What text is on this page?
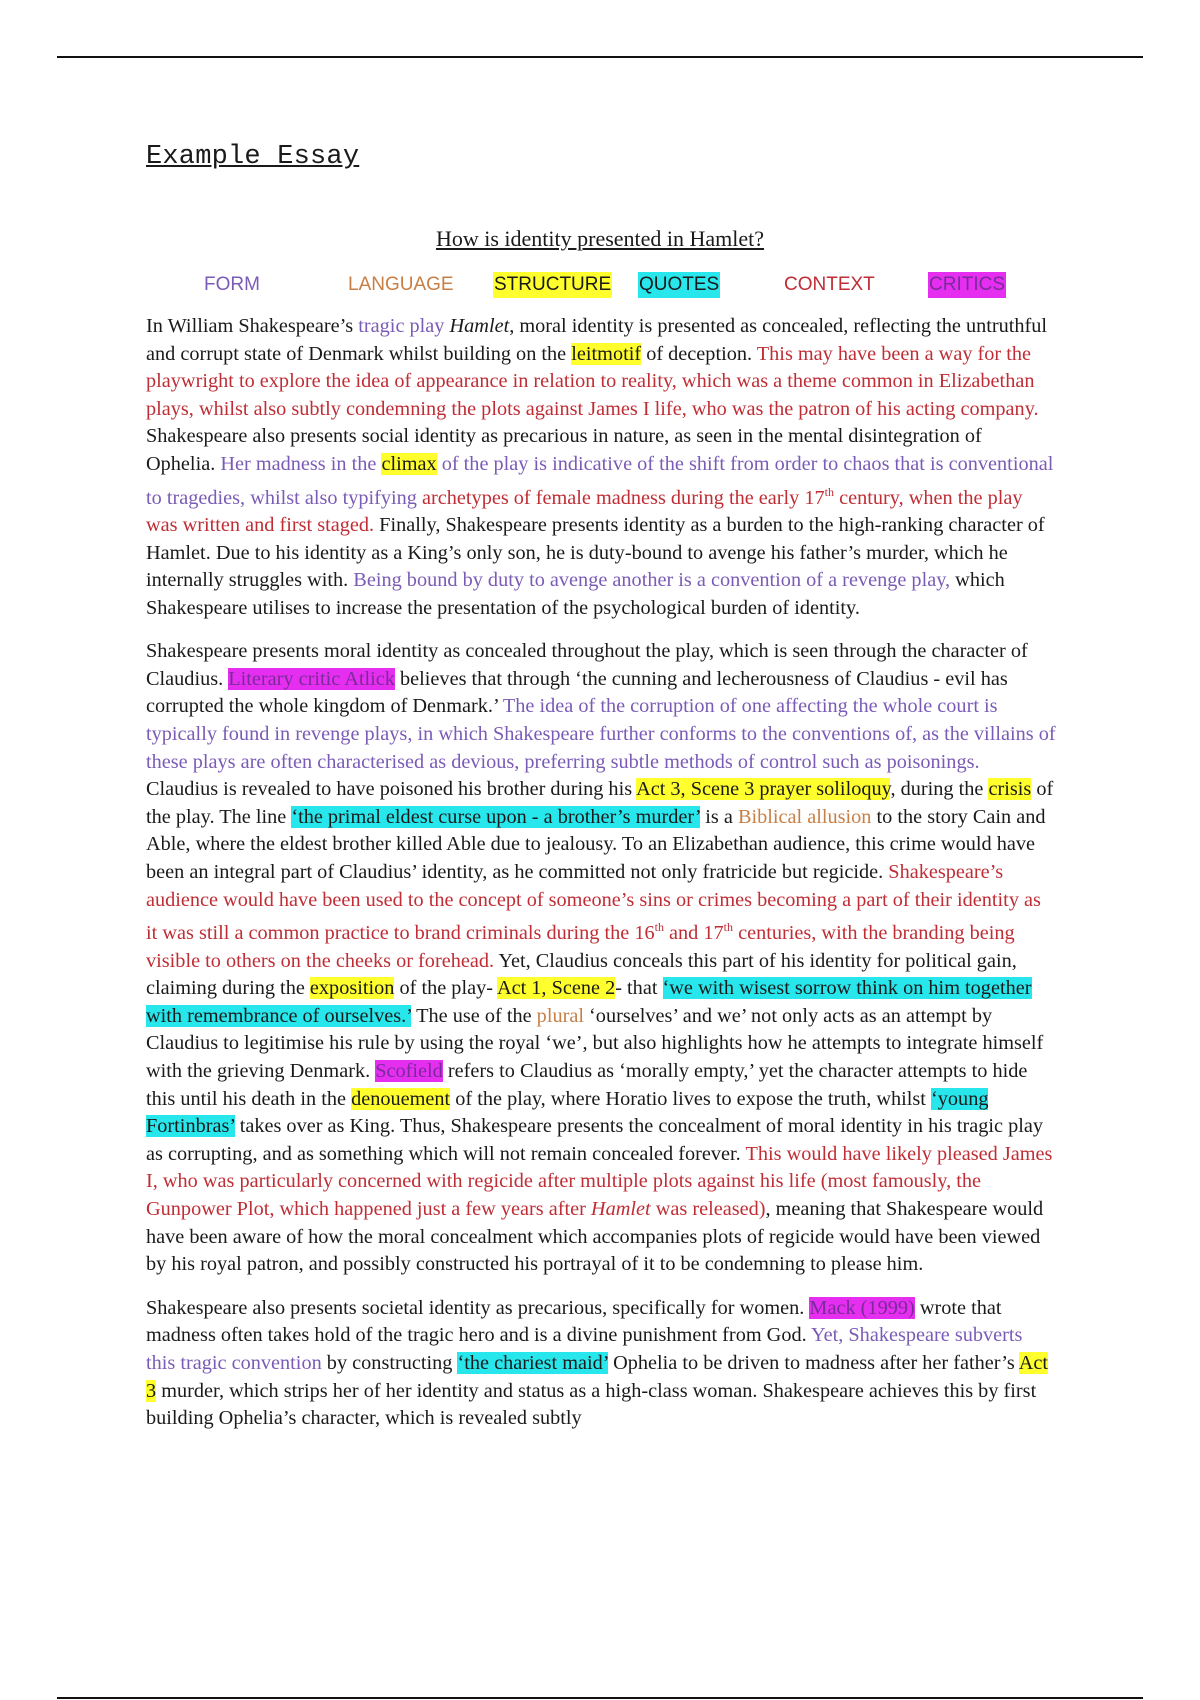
Example Essay
How is identity presented in Hamlet?
FORM	LANGUAGE STRUCTURE QUOTES	CONTEXT	CRITICS

In William Shakespeare’s tragic play Hamlet, moral identity is presented as concealed, reflecting the untruthful and corrupt state of Denmark whilst building on the leitmotif of deception. This may have been a way for the playwright to explore the idea of appearance in relation to reality, which was a theme common in Elizabethan plays, whilst also subtly condemning the plots against James I life, who was the patron of his acting company. Shakespeare also presents social identity as precarious in nature, as seen in the mental disintegration of Ophelia. Her madness in the climax of the play is indicative of the shift from order to chaos that is conventional to tragedies, whilst also typifying archetypes of female madness during the early 17th century, when the play was written and first staged. Finally, Shakespeare presents identity as a burden to the high-ranking character of Hamlet. Due to his identity as a King’s only son, he is duty-bound to avenge his father’s murder, which he internally struggles with. Being bound by duty to avenge another is a convention of a revenge play, which Shakespeare utilises to increase the presentation of the psychological burden of identity.

Shakespeare presents moral identity as concealed throughout the play, which is seen through the character of Claudius. Literary critic Atlick believes that through ‘the cunning and lecherousness of Claudius - evil has corrupted the whole kingdom of Denmark.’ The idea of the corruption of one affecting the whole court is typically found in revenge plays, in which Shakespeare further conforms to the conventions of, as the villains of these plays are often characterised as devious, preferring subtle methods of control such as poisonings. Claudius is revealed to have poisoned his brother during his Act 3, Scene 3 prayer soliloquy, during the crisis of the play. The line ‘the primal eldest curse upon - a brother’s murder’ is a Biblical allusion to the story Cain and Able, where the eldest brother killed Able due to jealousy. To an Elizabethan audience, this crime would have been an integral part of Claudius’ identity, as he committed not only fratricide but regicide. Shakespeare’s audience would have been used to the concept of someone’s sins or crimes becoming a part of their identity as it was still a common practice to brand criminals during the 16th and 17th centuries, with the branding being visible to others on the cheeks or forehead. Yet, Claudius conceals this part of his identity for political gain, claiming during the exposition of the play- Act 1, Scene 2- that ‘we with wisest sorrow think on him together with remembrance of ourselves.’ The use of the plural ‘ourselves’ and we’ not only acts as an attempt by Claudius to legitimise his rule by using the royal ‘we’, but also highlights how he attempts to integrate himself with the grieving Denmark. Scofield refers to Claudius as ‘morally empty,’ yet the character attempts to hide this until his death in the denouement of the play, where Horatio lives to expose the truth, whilst ‘young Fortinbras’ takes over as King. Thus, Shakespeare presents the concealment of moral identity in his tragic play as corrupting, and as something which will not remain concealed forever. This would have likely pleased James I, who was particularly concerned with regicide after multiple plots against his life (most famously, the Gunpower Plot, which happened just a few years after Hamlet was released), meaning that Shakespeare would have been aware of how the moral concealment which accompanies plots of regicide would have been viewed by his royal patron, and possibly constructed his portrayal of it to be condemning to please him.

Shakespeare also presents societal identity as precarious, specifically for women. Mack (1999) wrote that madness often takes hold of the tragic hero and is a divine punishment from God. Yet, Shakespeare subverts this tragic convention by constructing ‘the chariest maid’ Ophelia to be driven to madness after her father’s Act 3 murder, which strips her of her identity and status as a high-class woman. Shakespeare achieves this by first building Ophelia’s character, which is revealed subtly
